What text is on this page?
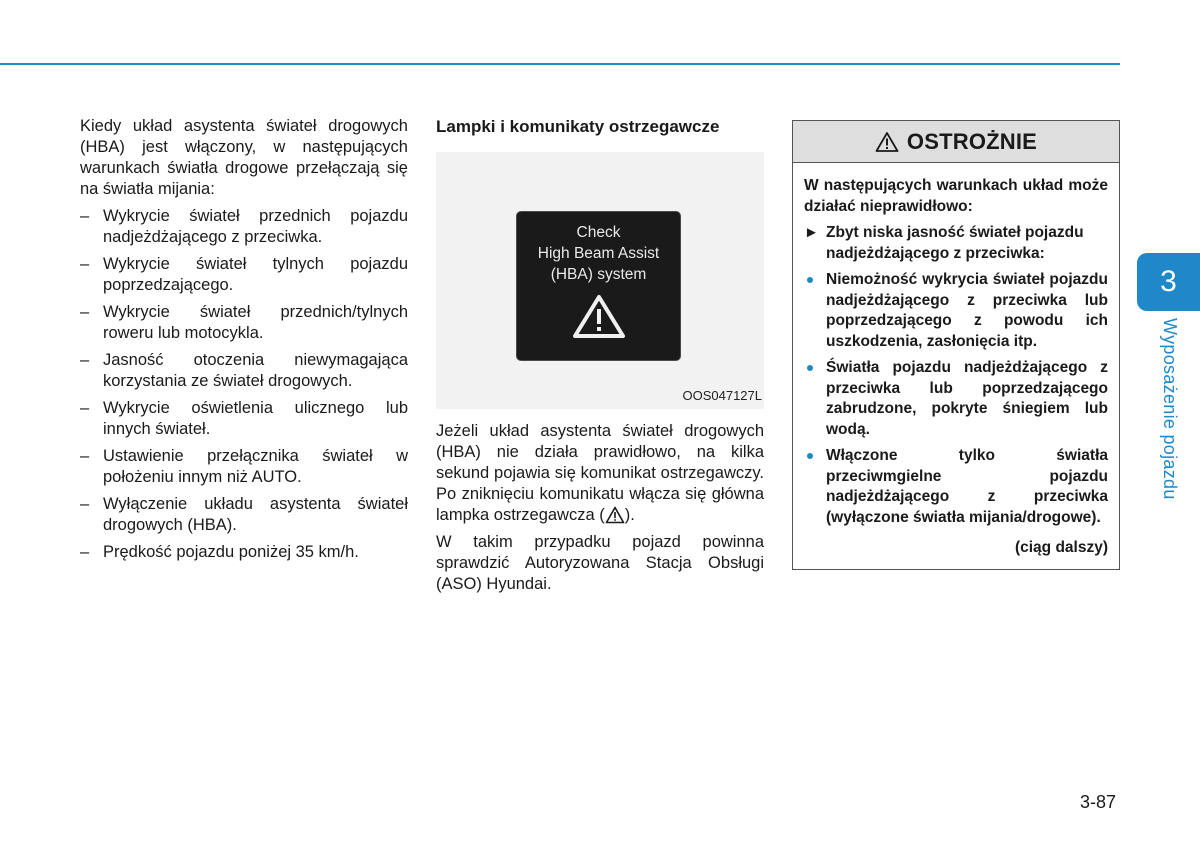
Kiedy układ asystenta świateł drogowych (HBA) jest włączony, w następujących warunkach światła drogowe przełączają się na światła mijania:

– Wykrycie świateł przednich pojazdu nadjeżdżającego z przeciwka.
– Wykrycie świateł tylnych pojazdu poprzedzającego.
– Wykrycie świateł przednich/tylnych roweru lub motocykla.
– Jasność otoczenia niewymagająca korzystania ze świateł drogowych.
– Wykrycie oświetlenia ulicznego lub innych świateł.
– Ustawienie przełącznika świateł w położeniu innym niż AUTO.
– Wyłączenie układu asystenta świateł drogowych (HBA).
– Prędkość pojazdu poniżej 35 km/h.
Lampki i komunikaty ostrzegawcze
Check
High Beam Assist
(HBA) system
OOS047127L

Jeżeli układ asystenta świateł drogowych (HBA) nie działa prawidłowo, na kilka sekund pojawia się komunikat ostrzegawczy. Po zniknięciu komunikatu włącza się główna lampka ostrzegawcza ( ).

W takim przypadku pojazd powinna sprawdzić Autoryzowana Stacja Obsługi (ASO) Hyundai.

OSTROŻNIE

W następujących warunkach układ może działać nieprawidłowo:

► Zbyt niska jasność świateł pojazdu nadjeżdżającego z przeciwka:
Niemożność wykrycia świateł pojazdu nadjeżdżającego z przeciwka lub poprzedzającego z powodu ich uszkodzenia, zasłonięcia itp.
Światła pojazdu nadjeżdżającego z przeciwka lub poprzedzającego zabrudzone, pokryte śniegiem lub wodą.
Włączone tylko światła przeciwmgielne pojazdu nadjeżdżającego z przeciwka (wyłączone światła mijania/drogowe).
(ciąg dalszy)
3
Wyposażenie pojazdu
3-87
